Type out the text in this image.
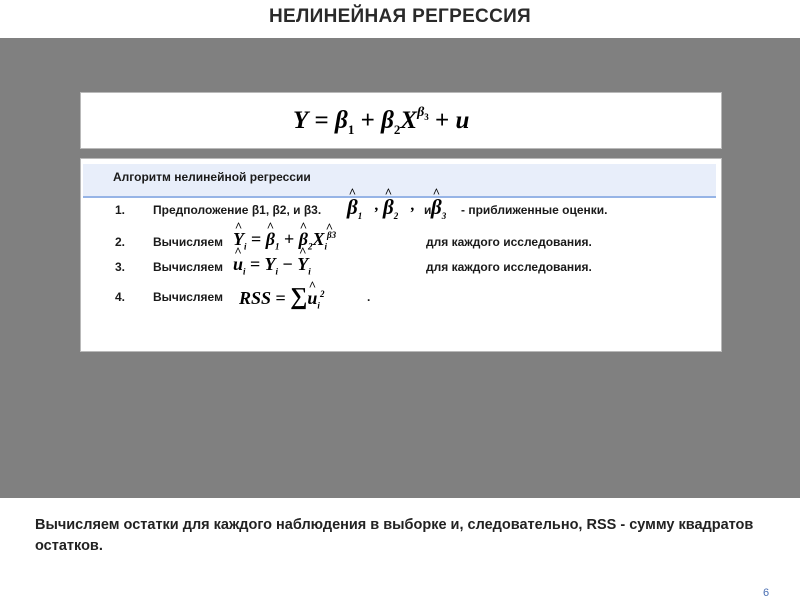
НЕЛИНЕЙНАЯ РЕГРЕССИЯ
$Y = \beta_1 + \beta_2X^{\beta_3} + u$
Алгоритм нелинейной регрессии
1. Предположение β1, β2, и β3. ^ $\beta_1$
, ^ $\beta_2$
, и ^ $\beta_3$ - приближенные оценки.
2. Вычисляем ^ $Y_i$ = ^ $\beta_1$ + ^ $\beta_2X_i\^{}$ $^{\beta 3}$	для каждого исследования.
3. Вычисляем ^ $u_i = Y_i$ − ^ $Y_i$	для каждого исследования.
4. Вычисляем RSS = ∑^ $u_i^2$	.
Вычисляем остатки для каждого наблюдения в выборке и, следовательно, RSS - сумму квадратов остатков.
6
